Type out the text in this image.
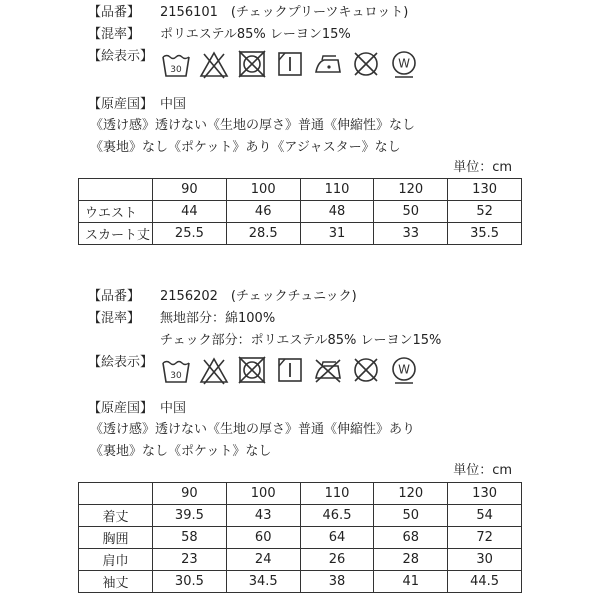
【品番】 2156101　(チェックプリーツキュロット)
【混率】 ポリエステル85% レーヨン15%
【絵表示】
30	W
【原産国】 中国
《透け感》透けない《生地の厚さ》普通《伸縮性》なし
《裏地》なし《ポケット》あり《アジャスター》なし
単位：cm
	90	100	110	120	130
ウエスト	44	46	48	50	52
スカート丈	25.5	28.5	31	33	35.5
【品番】 2156202　(チェックチュニック)
【混率】 無地部分：綿100%
チェック部分：ポリエステル85% レーヨン15%
【絵表示】
30	W
【原産国】 中国
《透け感》透けない《生地の厚さ》普通《伸縮性》あり
《裏地》なし《ポケット》なし
単位：cm
	90	100	110	120	130
着丈	39.5	43	46.5	50	54
胸囲	58	60	64	68	72
肩巾	23	24	26	28	30
袖丈	30.5	34.5	38	41	44.5
